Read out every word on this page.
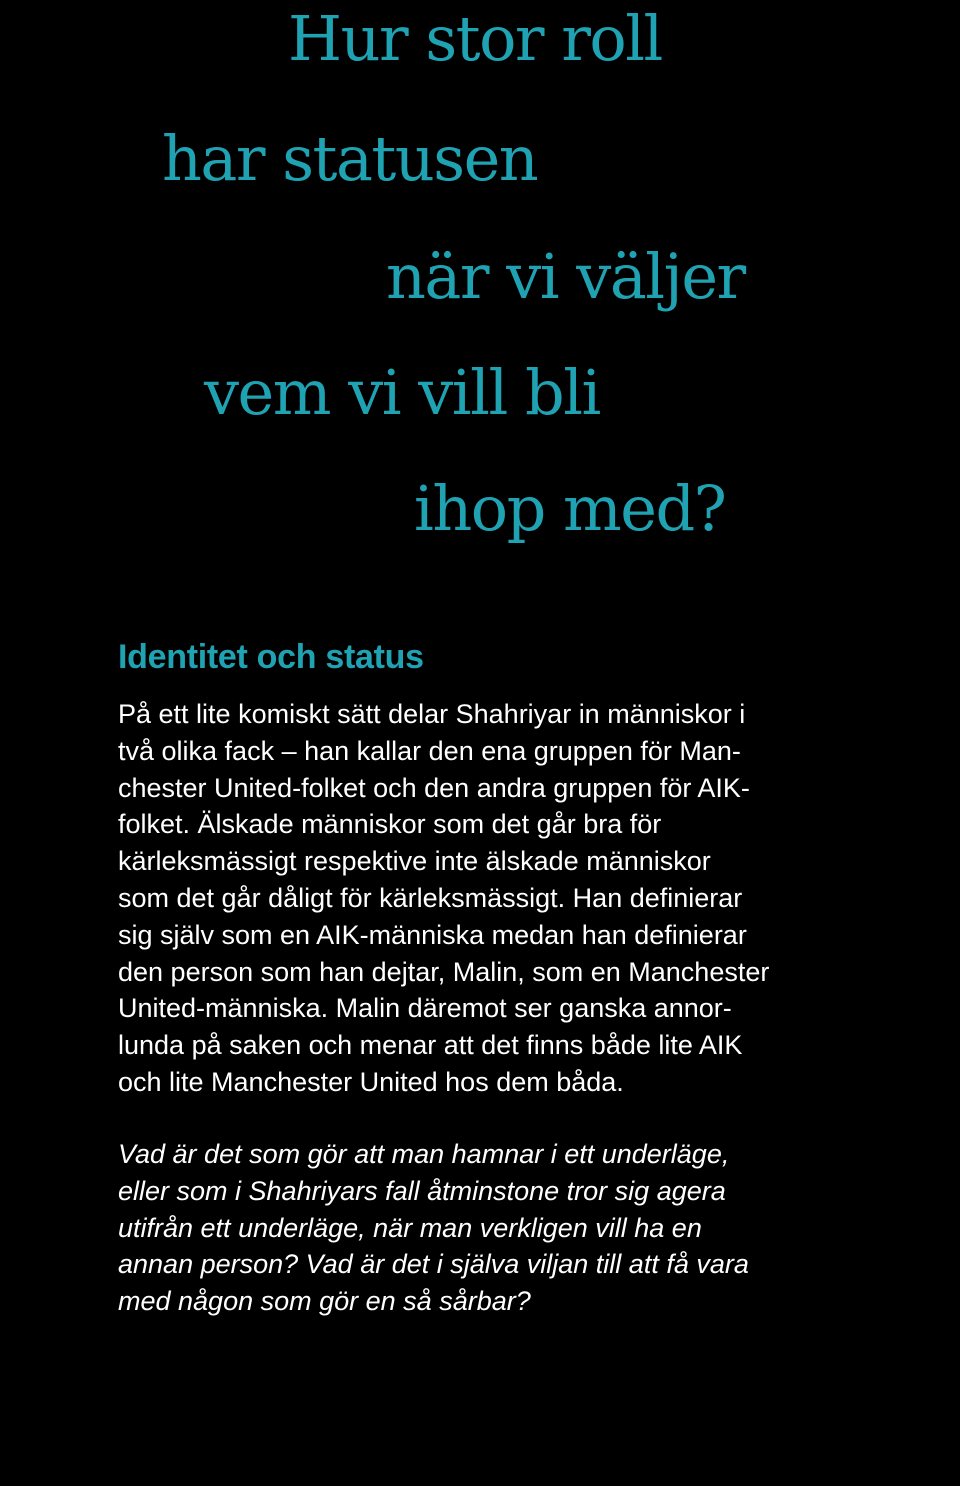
Hur stor roll
har statusen
när vi väljer
vem vi vill bli
ihop med?
Identitet och status

På ett lite komiskt sätt delar Shahriyar in människor i
två olika fack – han kallar den ena gruppen för Man-
chester United-folket och den andra gruppen för AIK-
folket. Älskade människor som det går bra för
kärleksmässigt respektive inte älskade människor
som det går dåligt för kärleksmässigt. Han definierar
sig själv som en AIK-människa medan han definierar
den person som han dejtar, Malin, som en Manchester
United-människa. Malin däremot ser ganska annor-
lunda på saken och menar att det finns både lite AIK
och lite Manchester United hos dem båda.

Vad är det som gör att man hamnar i ett underläge,
eller som i Shahriyars fall åtminstone tror sig agera
utifrån ett underläge, när man verkligen vill ha en
annan person? Vad är det i själva viljan till att få vara
med någon som gör en så sårbar?
